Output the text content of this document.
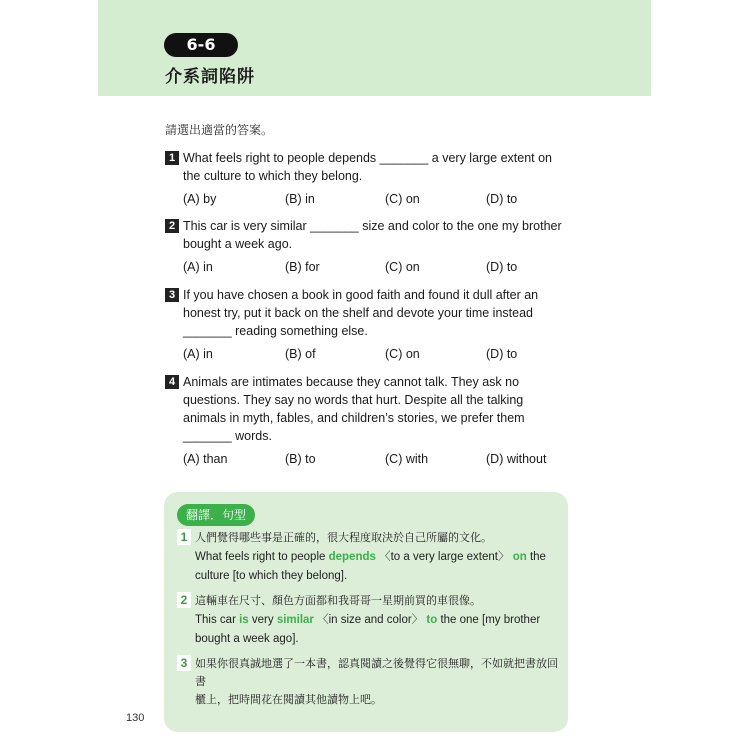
6-6
介系詞陷阱
請選出適當的答案。
1 What feels right to people depends _______ a very large extent on
the culture to which they belong.
(A) by	(B) in	(C) on	(D) to
2 This car is very similar _______ size and color to the one my brother
bought a week ago.
(A) in	(B) for	(C) on	(D) to
3 If you have chosen a book in good faith and found it dull after an
honest try, put it back on the shelf and devote your time instead
_______ reading something else.
(A) in	(B) of	(C) on	(D) to
4 Animals are intimates because they cannot talk. They ask no
questions. They say no words that hurt. Despite all the talking
animals in myth, fables, and children’s stories, we prefer them
_______ words.
(A) than	(B) to	(C) with	(D) without
翻譯．句型
1 人們覺得哪些事是正確的，很大程度取決於自己所屬的文化。
What feels right to people depends 〈to a very large extent〉 on the
culture [to which they belong].
2 這輛車在尺寸、顏色方面都和我哥哥一星期前買的車很像。
This car is very similar 〈in size and color〉 to the one [my brother
bought a week ago].
3 如果你很真誠地選了一本書，認真閱讀之後覺得它很無聊，不如就把書放回書
櫃上，把時間花在閱讀其他讀物上吧。
130
